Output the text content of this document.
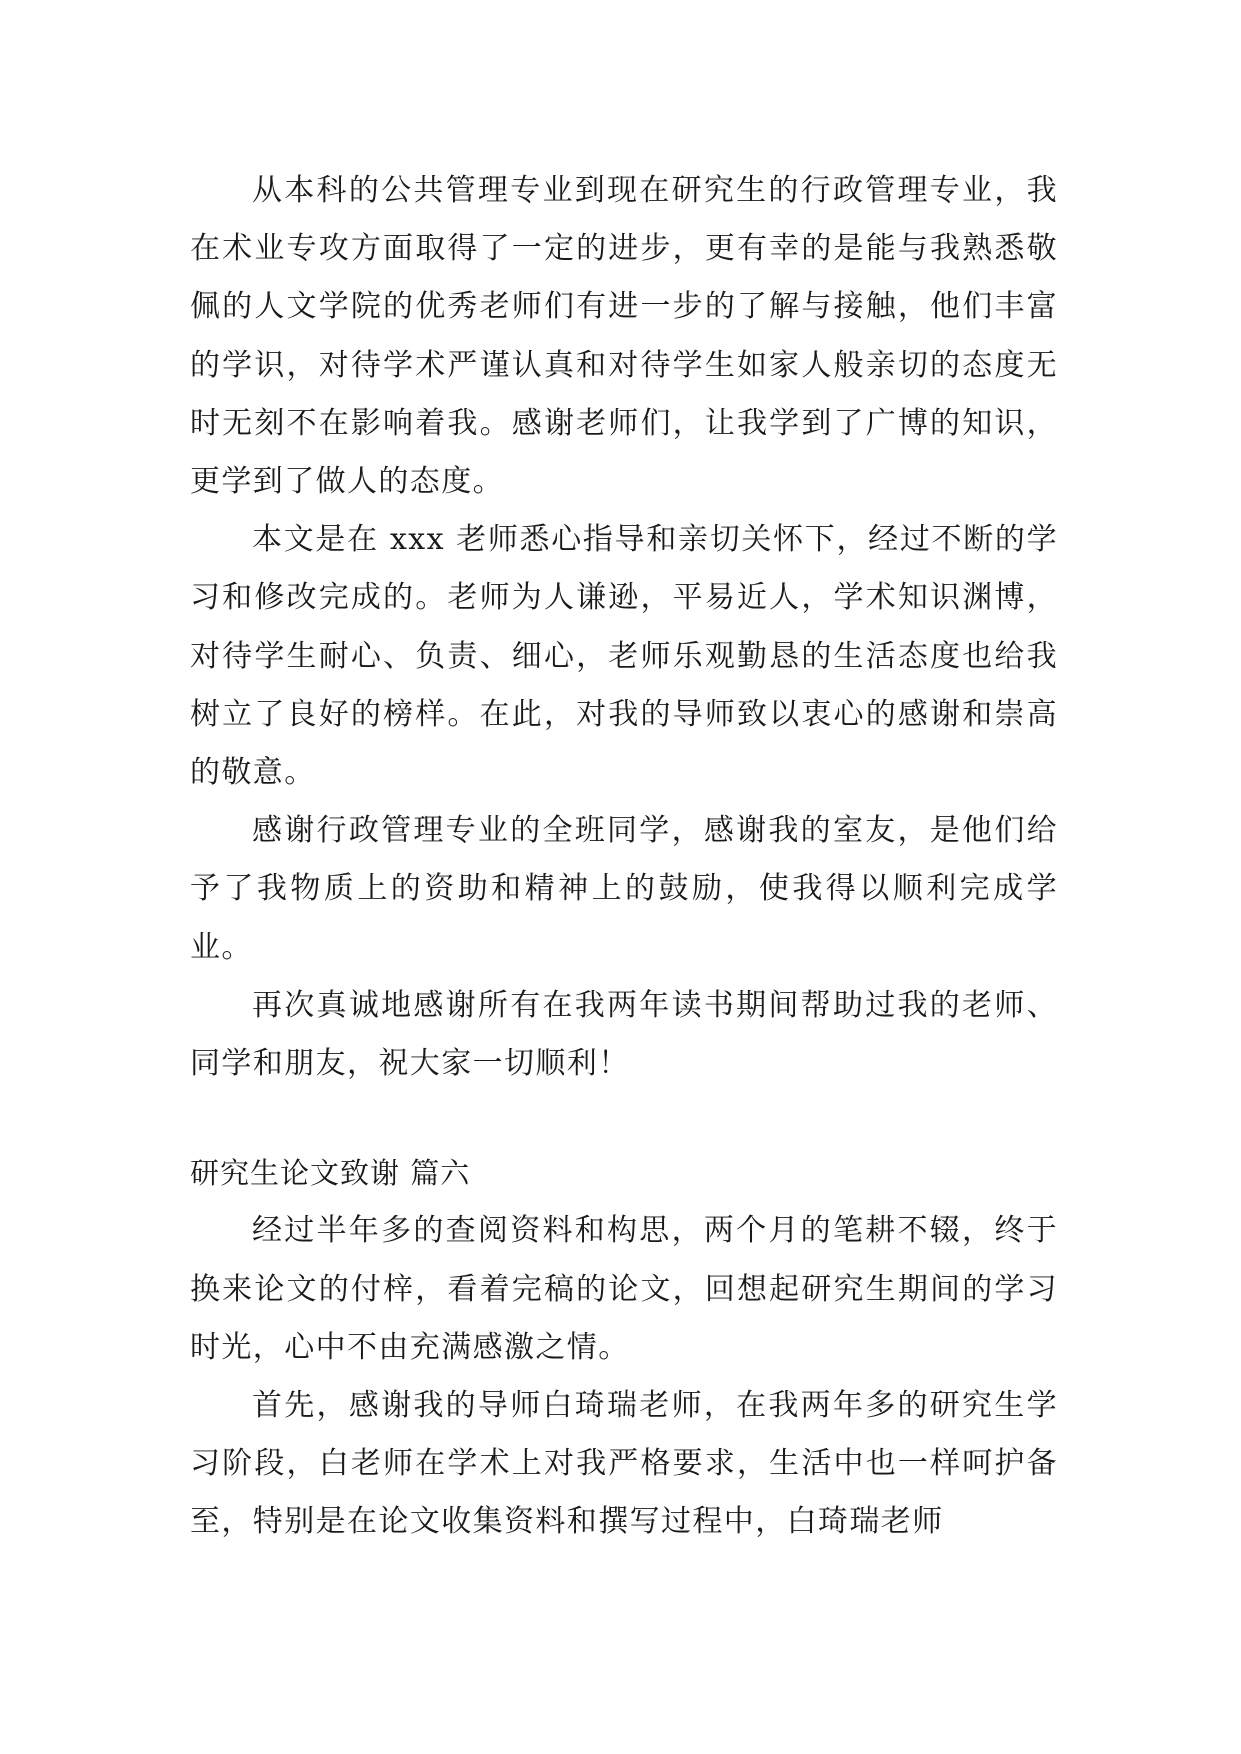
从本科的公共管理专业到现在研究生的行政管理专业，我在术业专攻方面取得了一定的进步，更有幸的是能与我熟悉敬佩的人文学院的优秀老师们有进一步的了解与接触，他们丰富的学识，对待学术严谨认真和对待学生如家人般亲切的态度无时无刻不在影响着我。感谢老师们，让我学到了广博的知识，更学到了做人的态度。

本文是在 xxx 老师悉心指导和亲切关怀下，经过不断的学习和修改完成的。老师为人谦逊，平易近人，学术知识渊博，对待学生耐心、负责、细心，老师乐观勤恳的生活态度也给我树立了良好的榜样。在此，对我的导师致以衷心的感谢和崇高的敬意。

感谢行政管理专业的全班同学，感谢我的室友，是他们给予了我物质上的资助和精神上的鼓励，使我得以顺利完成学业。

再次真诚地感谢所有在我两年读书期间帮助过我的老师、同学和朋友，祝大家一切顺利！

研究生论文致谢 篇六

经过半年多的查阅资料和构思，两个月的笔耕不辍，终于换来论文的付梓，看着完稿的论文，回想起研究生期间的学习时光，心中不由充满感激之情。

首先，感谢我的导师白琦瑞老师，在我两年多的研究生学习阶段，白老师在学术上对我严格要求，生活中也一样呵护备至，特别是在论文收集资料和撰写过程中，白琦瑞老师
